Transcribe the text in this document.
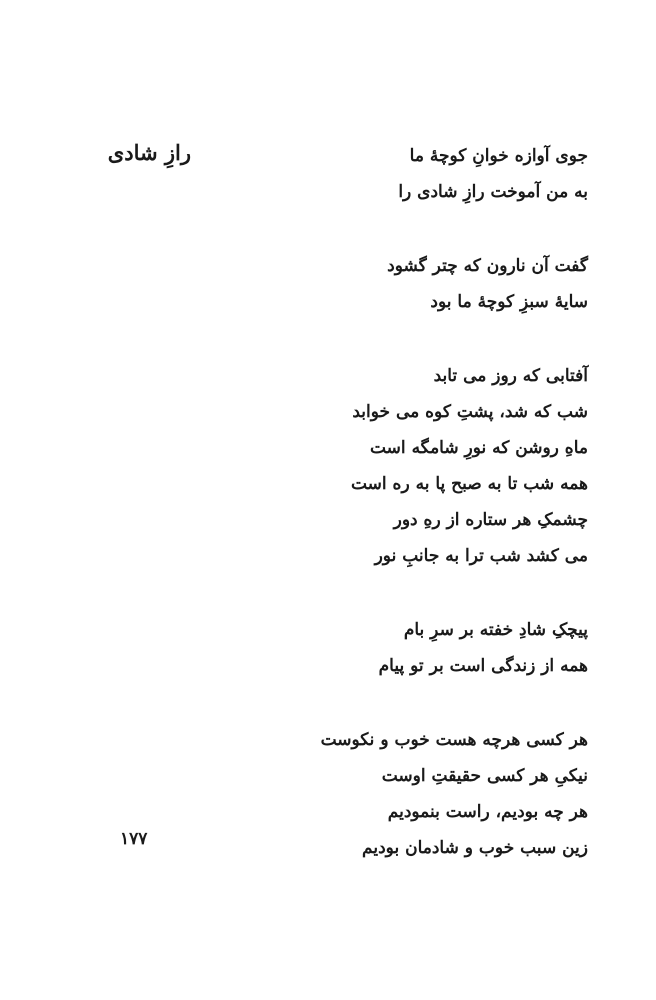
رازِ شادی	جوی آوازه خوانِ کوچهٔ ما
به من آموخت رازِ شادی را
گفت آن نارون که چتر گشود
سایهٔ سبزِ کوچهٔ ما بود
آفتابی که روز می تابد
شب که شد، پشتِ کوه می خوابد
ماهِ روشن که نورِ شامگه است
همه شب تا به صبح پا به ره است
چشمکِ هر ستاره از رهِ دور
می کشد شب ترا به جانبِ نور
پیچکِ شادِ خفته بر سرِ بام
همه از زندگی است بر تو پیام
هر کسی هرچه هست خوب و نکوست
نیکیِ هر کسی حقیقتِ اوست
هر چه بودیم، راست بنمودیم
زین سبب خوب و شادمان بودیم
۱۷۷
